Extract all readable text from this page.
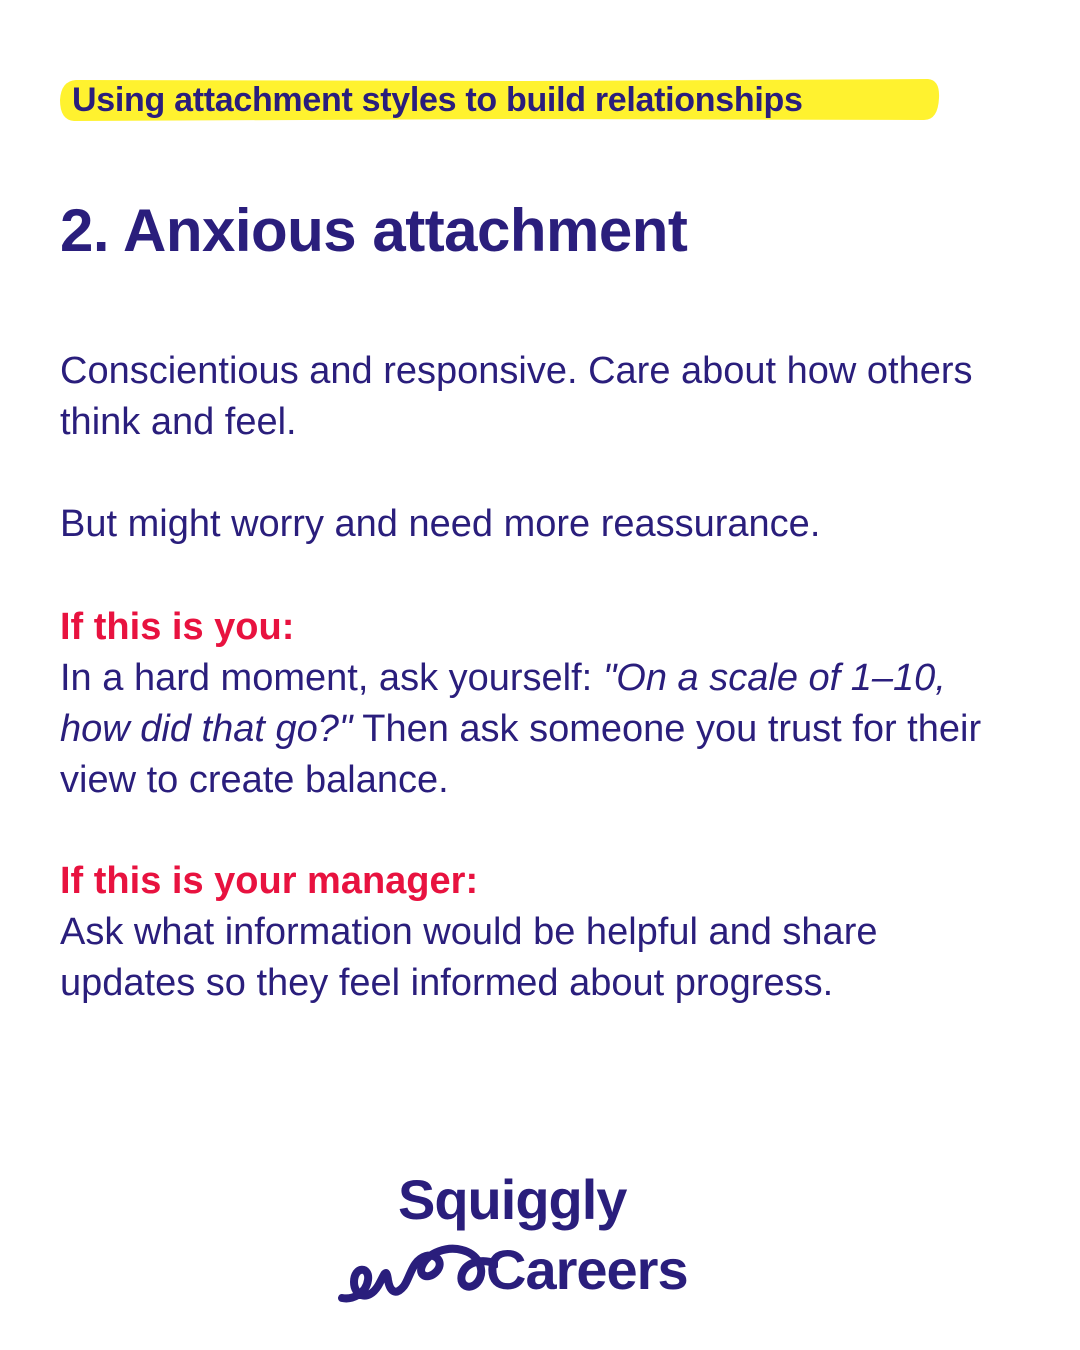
Using attachment styles to build relationships
2. Anxious attachment

Conscientious and responsive. Care about how others think and feel.

But might worry and need more reassurance.

If this is you:
In a hard moment, ask yourself: "On a scale of 1–10, how did that go?" Then ask someone you trust for their view to create balance.
If this is your manager:
Ask what information would be helpful and share updates so they feel informed about progress.
Squiggly
Careers
